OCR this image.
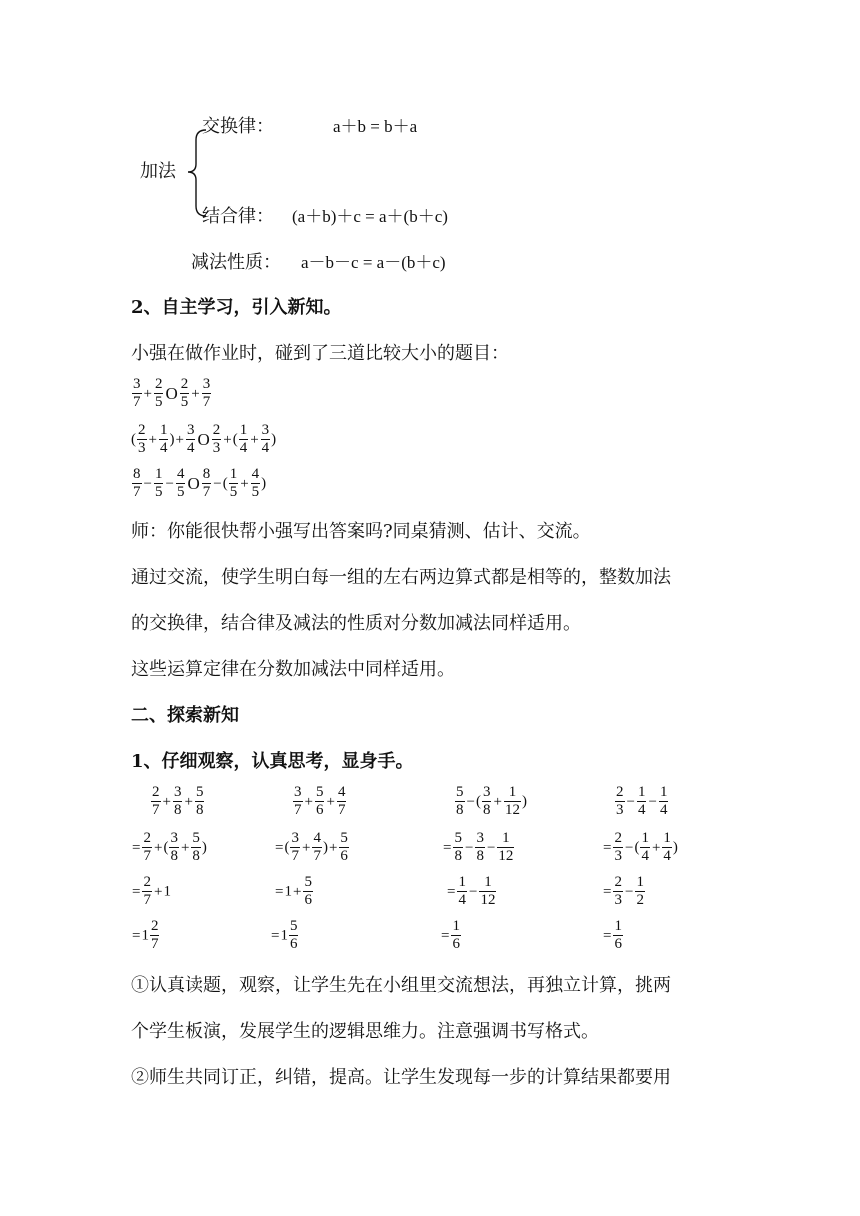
交换律：	a＋b = b＋a
加法
结合律： (a＋b)＋c = a＋(b＋c)
减法性质： a－b－c = a－(b＋c)
2、自主学习，引入新知。
小强在做作业时，碰到了三道比较大小的题目：
$\frac{3}{7} + \frac{2}{5}$ O $\frac{2}{5} + \frac{3}{7}$
( $\frac{2}{3} + \frac{1}{4}$ )+ $\frac{3}{4}$ O $\frac{2}{3}$ +( $\frac{1}{4} + \frac{3}{4}$ )
$\frac{8}{7} - \frac{1}{5} - \frac{4}{5}$ O $\frac{8}{7}$ −( $\frac{1}{5} + \frac{4}{5}$ )
师：你能很快帮小强写出答案吗?同桌猜测、估计、交流。
通过交流，使学生明白每一组的左右两边算式都是相等的，整数加法
的交换律，结合律及减法的性质对分数加减法同样适用。
这些运算定律在分数加减法中同样适用。
二、探索新知
1、仔细观察，认真思考，显身手。
$\frac{2}{7} + \frac{3}{8} + \frac{5}{8}$
= $\frac{2}{7}$ +( $\frac{3}{8} + \frac{5}{8}$ )
= $\frac{2}{7} +1$
$=1 \frac{2}{7}$
$\frac{3}{7} + \frac{5}{6} + \frac{4}{7}$
=( $\frac{3}{7} + \frac{4}{7}$ )+ $\frac{5}{6}$
$=1+ \frac{5}{6}$
$=1 \frac{5}{6}$
$\frac{5}{8}$ −( $\frac{3}{8} + \frac{1}{12}$ )
= $\frac{5}{8} - \frac{3}{8} - \frac{1}{12}$
= $\frac{1}{4} - \frac{1}{12}$
= $\frac{1}{6}$
$\frac{2}{3} - \frac{1}{4} - \frac{1}{4}$
= $\frac{2}{3}$ −( $\frac{1}{4} + \frac{1}{4}$ )
= $\frac{2}{3} - \frac{1}{2}$
= $\frac{1}{6}$
①认真读题，观察，让学生先在小组里交流想法，再独立计算，挑两
个学生板演，发展学生的逻辑思维力。注意强调书写格式。
②师生共同订正，纠错，提高。让学生发现每一步的计算结果都要用
